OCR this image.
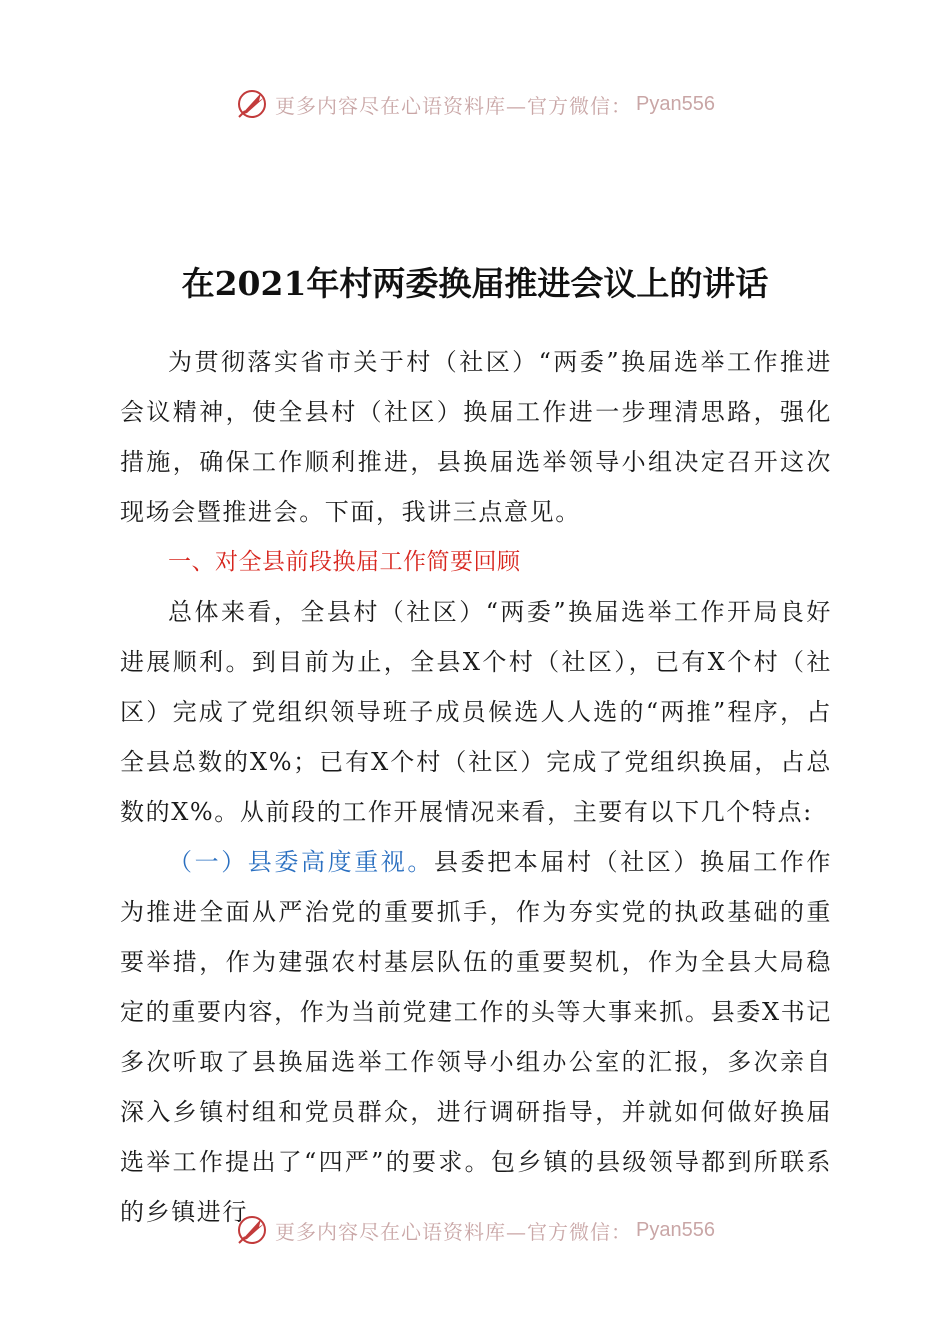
更多内容尽在心语资料库—官方微信： Pyan556
在2021年村两委换届推进会议上的讲话

为贯彻落实省市关于村（社区）“两委”换届选举工作推进会议精神，使全县村（社区）换届工作进一步理清思路，强化措施，确保工作顺利推进，县换届选举领导小组决定召开这次现场会暨推进会。下面，我讲三点意见。

一、对全县前段换届工作简要回顾

总体来看，全县村（社区）“两委”换届选举工作开局良好进展顺利。到目前为止，全县X个村（社区），已有X个村（社区）完成了党组织领导班子成员候选人人选的“两推”程序，占全县总数的X%；已有X个村（社区）完成了党组织换届，占总数的X%。从前段的工作开展情况来看，主要有以下几个特点:

（一）县委高度重视。县委把本届村（社区）换届工作作为推进全面从严治党的重要抓手，作为夯实党的执政基础的重要举措，作为建强农村基层队伍的重要契机，作为全县大局稳定的重要内容，作为当前党建工作的头等大事来抓。县委X书记多次听取了县换届选举工作领导小组办公室的汇报，多次亲自深入乡镇村组和党员群众，进行调研指导，并就如何做好换届选举工作提出了“四严”的要求。包乡镇的县级领导都到所联系的乡镇进行

更多内容尽在心语资料库—官方微信： Pyan556
